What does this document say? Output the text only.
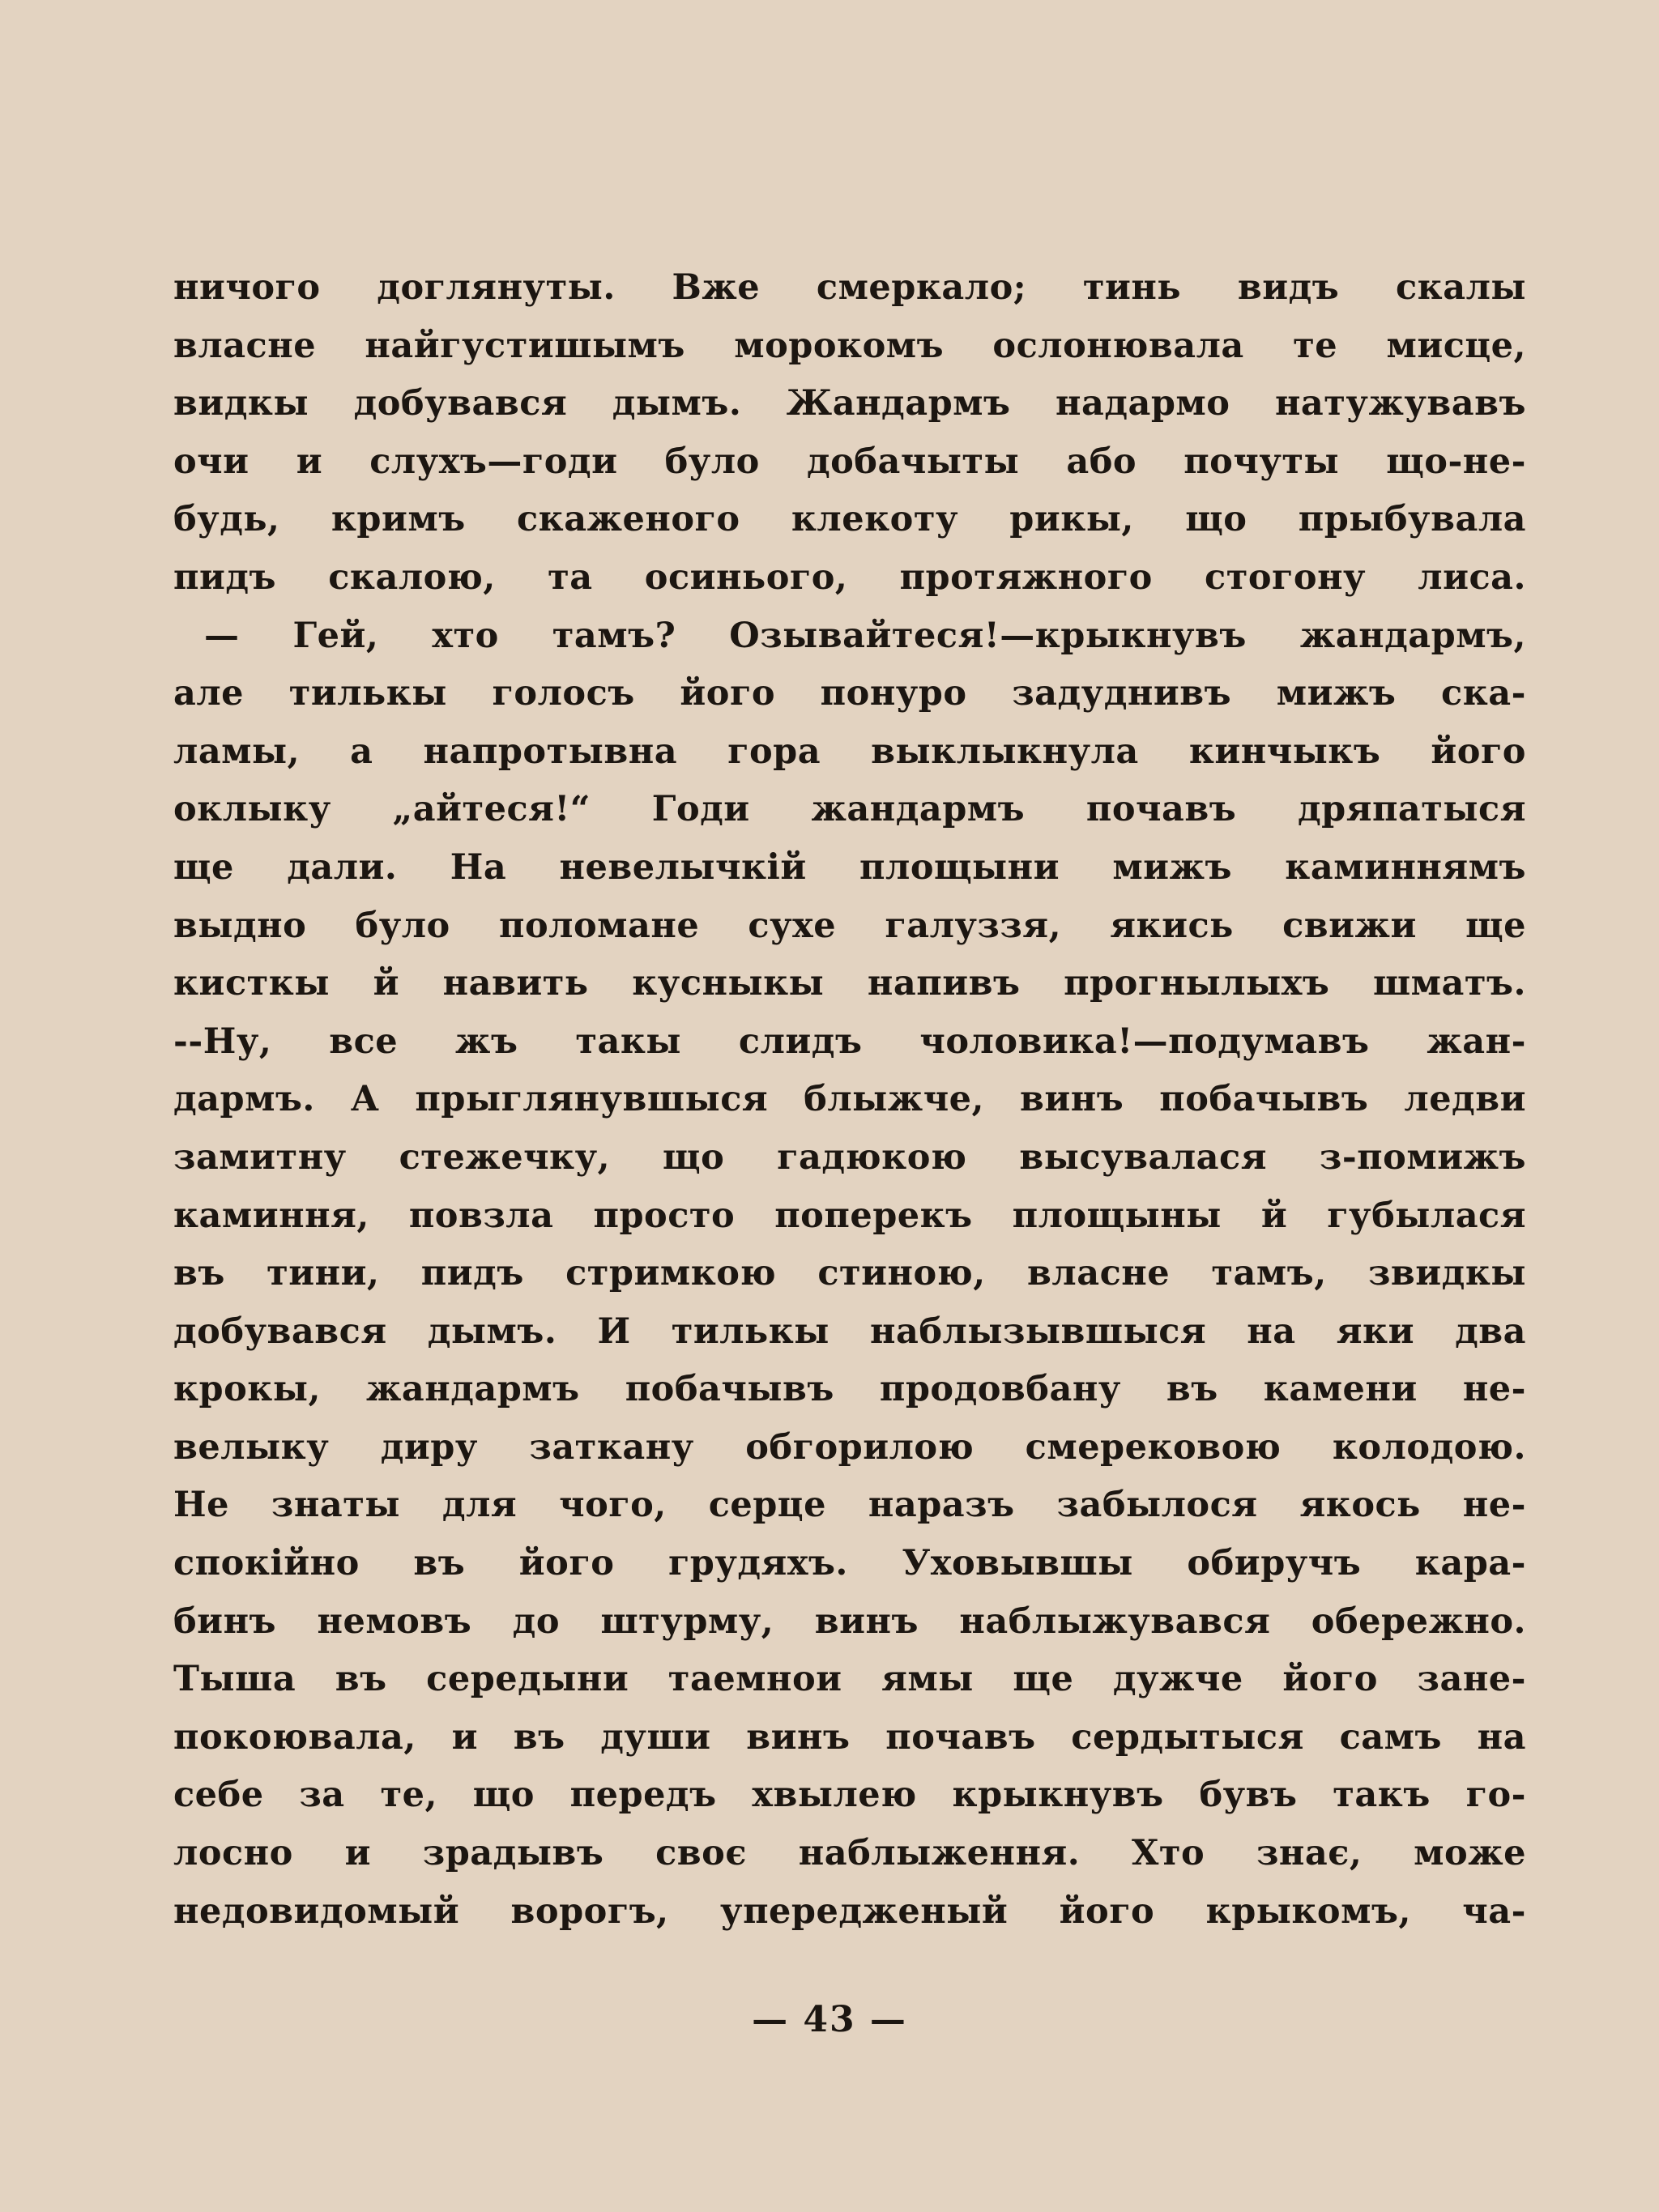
ничого доглянуты. Вже смеркало; тинь видъ скалы
власне найгустишымъ морокомъ ослонювала те мисце,
видкы добувався дымъ. Жандармъ надармо натужувавъ
очи и слухъ—годи було добачыты або почуты що-не-
будь, кримъ скаженого клекоту рикы, що прыбувала
пидъ скалою, та осинього, протяжного стогону лиса.
— Гей, хто тамъ? Озывайтеся!—крыкнувъ жандармъ,
але тилькы голосъ його понуро задуднивъ мижъ ска-
ламы, а напротывна гора выклыкнула кинчыкъ його
оклыку „айтеся!“ Годи жандармъ почавъ дряпатыся
ще дали. На невелычкій площыни мижъ каминнямъ
выдно було поломане сухе галуззя, якись свижи ще
кисткы й навить кусныкы напивъ прогнылыхъ шматъ.
--Ну, все жъ такы слидъ чоловика!—подумавъ жан-
дармъ. А прыглянувшыся блыжче, винъ побачывъ ледви
замитну стежечку, що гадюкою высувалася з-помижъ
каминня, повзла просто поперекъ площыны й губылася
въ тини, пидъ стримкою стиною, власне тамъ, звидкы
добувався дымъ. И тилькы наблызывшыся на яки два
крокы, жандармъ побачывъ продовбану въ камени не-
велыку диру заткану обгорилою смерековою колодою.
Не знаты для чого, серце наразъ забылося якось не-
спокійно въ його грудяхъ. Уховывшы обиручъ кара-
бинъ немовъ до штурму, винъ наблыжувався обережно.
Тыша въ середыни таемнои ямы ще дужче його зане-
покоювала, и въ души винъ почавъ сердытыся самъ на
себе за те, що передъ хвылею крыкнувъ бувъ такъ го-
лосно и зрадывъ своє наблыження. Хто знає, може
недовидомый ворогъ, упередженый його крыкомъ, ча-
— 43 —
